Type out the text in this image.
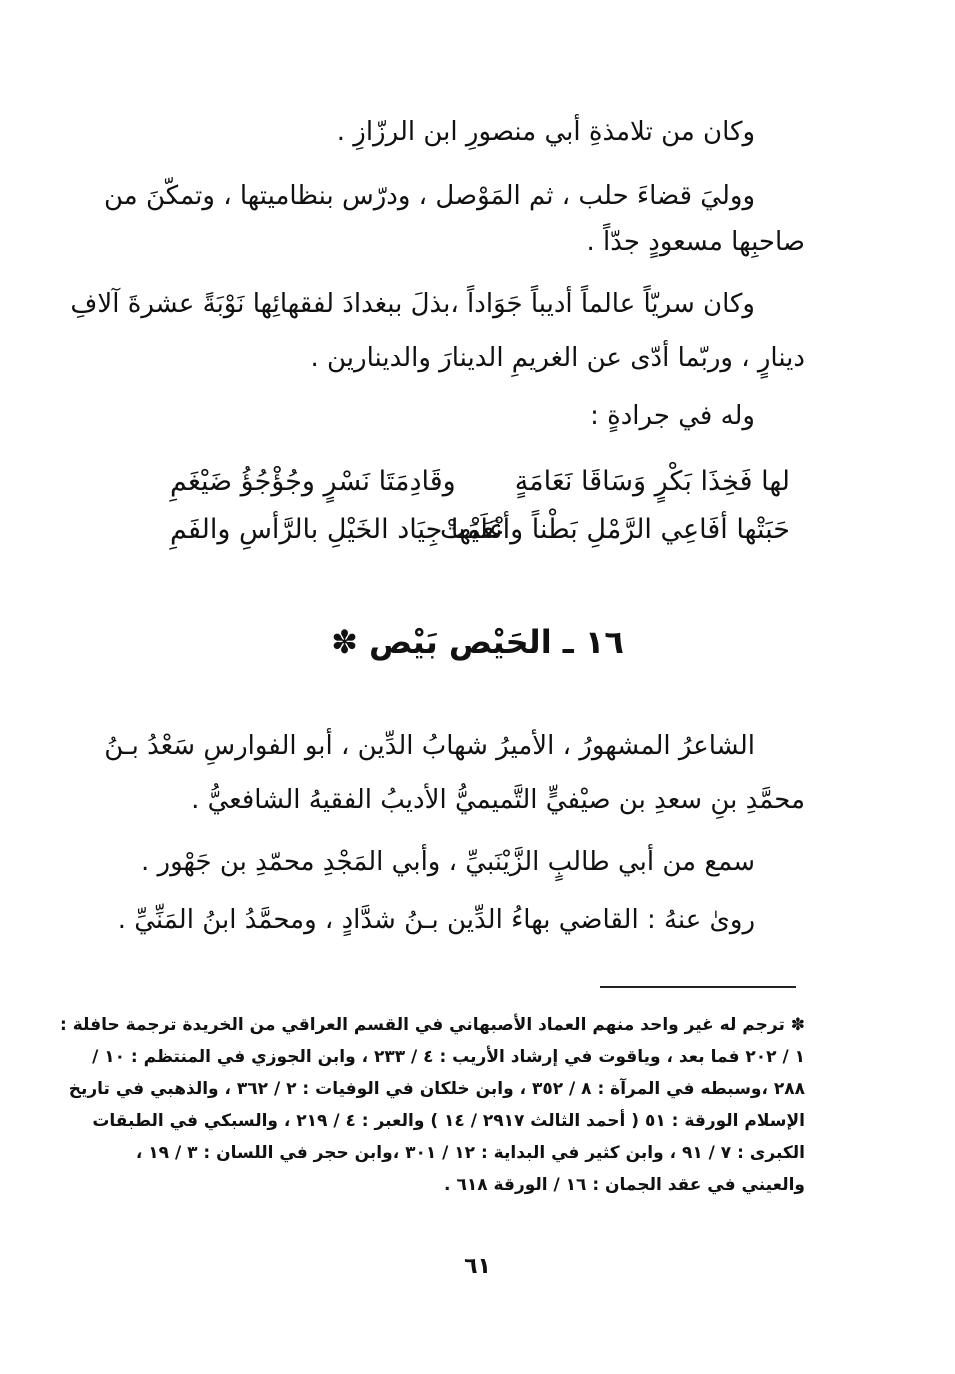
وكان من تلامذةِ أبي منصورِ ابن الرزّازِ .
ووليَ قضاءَ حلب ، ثم المَوْصل ، ودرّس بنظاميتها ، وتمكّنَ من
صاحبِها مسعودٍ جدّاً .
وكان سريّاً عالماً أديباً جَوَاداً ،بذلَ ببغدادَ لفقهائِها نَوْبَةً عشرةَ آلافِ
دينارٍ ، وربّما أدّى عن الغريمِ الدينارَ والدينارين .
وله في جرادةٍ :
لها فَخِذَا بَكْرٍ وَسَاقَا نَعَامَةٍ
وقَادِمَتَا نَسْرٍ وجُؤْجُؤُ ضَيْغَمِ
حَبَتْها أفَاعِي الرَّمْلِ بَطْناً وأنْعَمَتْ
عَلَيْها جِيَاد الخَيْلِ بالرَّأسِ والفَمِ
١٦ ـ الحَيْص بَيْص ✽
الشاعرُ المشهورُ ، الأميرُ شهابُ الدِّين ، أبو الفوارسِ سَعْدُ بـنُ
محمَّدِ بنِ سعدِ بن صيْفيٍّ التَّميميُّ الأديبُ الفقيهُ الشافعيُّ .
سمع من أبي طالبٍ الزَّيْنَبيِّ ، وأبي المَجْدِ محمّدِ بن جَهْور .
روىٰ عنهُ : القاضي بهاءُ الدِّين بـنُ شدَّادٍ ، ومحمَّدُ ابنُ المَنِّيِّ .
✽ ترجم له غير واحد منهم العماد الأصبهاني في القسم العراقي من الخريدة ترجمة حافلة :
١ / ٢٠٢ فما بعد ، وياقوت في إرشاد الأريب : ٤ / ٢٣٣ ، وابن الجوزي في المنتظم : ١٠ /
٢٨٨ ،وسبطه في المرآة : ٨ / ٣٥٢ ، وابن خلكان في الوفيات : ٢ / ٣٦٢ ، والذهبي في تاريخ
الإسلام الورقة : ٥١ ( أحمد الثالث ٢٩١٧ / ١٤ ) والعبر : ٤ / ٢١٩ ، والسبكي في الطبقات
الكبرى : ٧ / ٩١ ، وابن كثير في البداية : ١٢ / ٣٠١ ،وابن حجر في اللسان : ٣ / ١٩ ،
والعيني في عقد الجمان : ١٦ / الورقة ٦١٨ .
٦١
